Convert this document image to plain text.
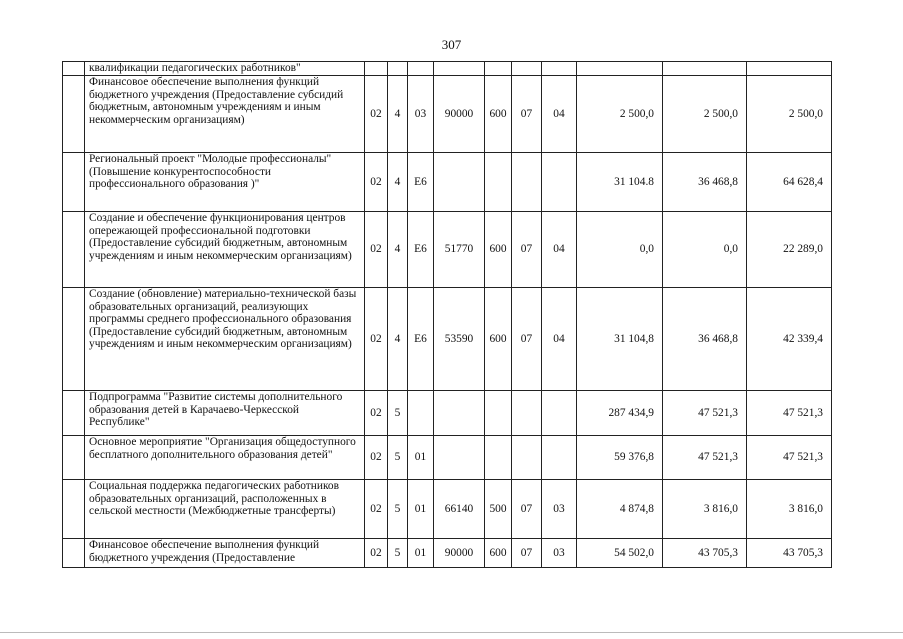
307
	квалификации педагогических работников"										
	Финансовое обеспечение выполнения функций бюджетного учреждения (Предоставление субсидий бюджетным, автономным учреждениям и иным некоммерческим организациям)	02	4	03	90000	600	07	04	2 500,0	2 500,0	2 500,0
	Региональный проект "Молодые профессионалы" (Повышение конкурентоспособности профессионального образования )"	02	4	Е6					31 104.8	36 468,8	64 628,4
	Создание и обеспечение функционирования центров опережающей профессиональной подготовки (Предоставление субсидий бюджетным, автономным учреждениям и иным некоммерческим организациям)	02	4	Е6	51770	600	07	04	0,0	0,0	22 289,0
	Создание (обновление) материально-технической базы образовательных организаций, реализующих программы среднего профессионального образования (Предоставление субсидий бюджетным, автономным учреждениям и иным некоммерческим организациям)	02	4	Е6	53590	600	07	04	31 104,8	36 468,8	42 339,4
	Подпрограмма "Развитие системы дополнительного образования детей в Карачаево-Черкесской Республике"	02	5						287 434,9	47 521,3	47 521,3
	Основное мероприятие "Организация общедоступного бесплатного дополнительного образования детей"	02	5	01					59 376,8	47 521,3	47 521,3
	Социальная поддержка педагогических работников образовательных организаций, расположенных в сельской местности (Межбюджетные трансферты)	02	5	01	66140	500	07	03	4 874,8	3 816,0	3 816,0
	Финансовое обеспечение выполнения функций бюджетного учреждения (Предоставление	02	5	01	90000	600	07	03	54 502,0	43 705,3	43 705,3
